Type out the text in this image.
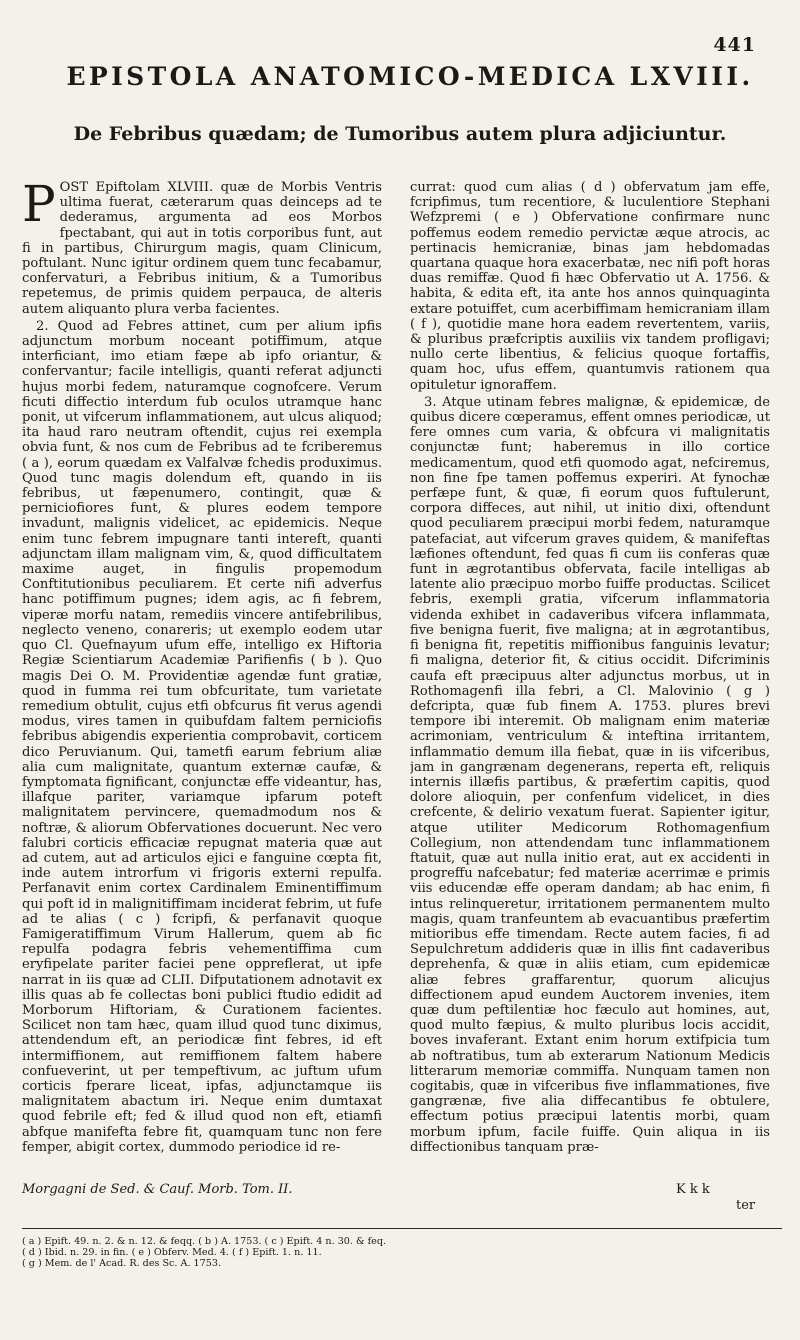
441
EPISTOLA ANATOMICO-MEDICA LXVIII.
De Febribus quædam; de Tumoribus autem plura adjiciuntur.

POST Epiftolam XLVIII. quæ de Morbis Ventris ultima fuerat, cæterarum quas deinceps ad te dederamus, argumenta ad eos Morbos fpectabant, qui aut in totis corporibus funt, aut fi in partibus, Chirurgum magis, quam Clinicum, poftulant. Nunc igitur ordinem quem tunc fecabamur, confervaturi, a Febribus initium, & a Tumoribus repetemus, de primis quidem perpauca, de alteris autem aliquanto plura verba facientes.

2. Quod ad Febres attinet, cum per alium ipfis adjunctum morbum noceant potiffimum, atque interficiant, imo etiam fæpe ab ipfo oriantur, & confervantur; facile intelligis, quanti referat adjuncti hujus morbi fedem, naturamque cognofcere. Verum ficuti diffectio interdum fub oculos utramque hanc ponit, ut vifcerum inflammationem, aut ulcus aliquod; ita haud raro neutram oftendit, cujus rei exempla obvia funt, & nos cum de Febribus ad te fcriberemus ( a ), eorum quædam ex Valfalvæ fchedis produximus. Quod tunc magis dolendum eft, quando in iis febribus, ut fæpenumero, contingit, quæ & perniciofiores funt, & plures eodem tempore invadunt, malignis videlicet, ac epidemicis. Neque enim tunc febrem impugnare tanti intereft, quanti adjunctam illam malignam vim, &, quod difficultatem maxime auget, in fingulis propemodum Conftitutionibus peculiarem. Et certe nifi adverfus hanc potiffimum pugnes; idem agis, ac fi febrem, viperæ morfu natam, remediis vincere antifebrilibus, neglecto veneno, conareris; ut exemplo eodem utar quo Cl. Quefnayum ufum effe, intelligo ex Hiftoria Regiæ Scientiarum Academiæ Parifienfis ( b ). Quo magis Dei O. M. Providentiæ agendæ funt gratiæ, quod in fumma rei tum obfcuritate, tum varietate remedium obtulit, cujus etfi obfcurus fit verus agendi modus, vires tamen in quibufdam faltem perniciofis febribus abigendis experientia comprobavit, corticem dico Peruvianum. Qui, tametfi earum febrium aliæ alia cum malignitate, quantum externæ caufæ, & fymptomata fignificant, conjunctæ effe videantur, has, illafque pariter, variamque ipfarum poteft malignitatem pervincere, quemadmodum nos & noftræ, & aliorum Obfervationes docuerunt. Nec vero falubri corticis efficaciæ repugnat materia quæ aut ad cutem, aut ad articulos ejici e fanguine cœpta fit, inde autem introrfum vi frigoris externi repulfa. Perfanavit enim cortex Cardinalem Eminentiffimum qui poft id in malignitiffimam inciderat febrim, ut fufe ad te alias ( c ) fcripfi, & perfanavit quoque Famigeratiffimum Virum Hallerum, quem ab fic repulfa podagra febris vehementiffima cum eryfipelate pariter faciei pene oppreflerat, ut ipfe narrat in iis quæ ad CLII. Difputationem adnotavit ex illis quas ab fe collectas boni publici ftudio edidit ad Morborum Hiftoriam, & Curationem facientes. Scilicet non tam hæc, quam illud quod tunc diximus, attendendum eft, an periodicæ fint febres, id eft intermiffionem, aut remiffionem faltem habere confueverint, ut per tempeftivum, ac juftum ufum corticis fperare liceat, ipfas, adjunctamque iis malignitatem abactum iri. Neque enim dumtaxat quod febrile eft; fed & illud quod non eft, etiamfi abfque manifefta febre fit, quamquam tunc non fere femper, abigit cortex, dummodo periodice id re-

currat: quod cum alias ( d ) obfervatum jam effe, fcripfimus, tum recentiore, & luculentiore Stephani Wefzpremi ( e ) Obfervatione confirmare nunc poffemus eodem remedio pervictæ æque atrocis, ac pertinacis hemicraniæ, binas jam hebdomadas quartana quaque hora exacerbatæ, nec nifi poft horas duas remiffæ. Quod fi hæc Obfervatio ut A. 1756. & habita, & edita eft, ita ante hos annos quinquaginta extare potuiffet, cum acerbiffimam hemicraniam illam ( f ), quotidie mane hora eadem revertentem, variis, & pluribus præfcriptis auxiliis vix tandem profligavi; nullo certe libentius, & felicius quoque fortaffis, quam hoc, ufus effem, quantumvis rationem qua opituletur ignoraffem.

3. Atque utinam febres malignæ, & epidemicæ, de quibus dicere cœperamus, effent omnes periodicæ, ut fere omnes cum varia, & obfcura vi malignitatis conjunctæ funt; haberemus in illo cortice medicamentum, quod etfi quomodo agat, nefciremus, non fine fpe tamen poffemus experiri. At fynochæ perfæpe funt, & quæ, fi eorum quos fuftulerunt, corpora diffeces, aut nihil, ut initio dixi, oftendunt quod peculiarem præcipui morbi fedem, naturamque patefaciat, aut vifcerum graves quidem, & manifeftas læfiones oftendunt, fed quas fi cum iis conferas quæ funt in ægrotantibus obfervata, facile intelligas ab latente alio præcipuo morbo fuiffe productas. Scilicet febris, exempli gratia, vifcerum inflammatoria videnda exhibet in cadaveribus vifcera inflammata, five benigna fuerit, five maligna; at in ægrotantibus, fi benigna fit, repetitis miffionibus fanguinis levatur; fi maligna, deterior fit, & citius occidit. Difcriminis caufa eft præcipuus alter adjunctus morbus, ut in Rothomagenfi illa febri, a Cl. Malovinio ( g ) defcripta, quæ fub finem A. 1753. plures brevi tempore ibi interemit. Ob malignam enim materiæ acrimoniam, ventriculum & inteftina irritantem, inflammatio demum illa fiebat, quæ in iis vifceribus, jam in gangrænam degenerans, reperta eft, reliquis internis illæfis partibus, & præfertim capitis, quod dolore alioquin, per confenfum videlicet, in dies crefcente, & delirio vexatum fuerat. Sapienter igitur, atque utiliter Medicorum Rothomagenfium Collegium, non attendendam tunc inflammationem ftatuit, quæ aut nulla initio erat, aut ex accidenti in progreffu nafcebatur; fed materiæ acerrimæ e primis viis educendæ effe operam dandam; ab hac enim, fi intus relinqueretur, irritationem permanentem multo magis, quam tranfeuntem ab evacuantibus præfertim mitioribus effe timendam. Recte autem facies, fi ad Sepulchretum addideris quæ in illis fint cadaveribus deprehenfa, & quæ in aliis etiam, cum epidemicæ aliæ febres graffarentur, quorum alicujus diffectionem apud eundem Auctorem invenies, item quæ dum peftilentiæ hoc fæculo aut homines, aut, quod multo fæpius, & multo pluribus locis accidit, boves invaferant. Extant enim horum extifpicia tum ab noftratibus, tum ab exterarum Nationum Medicis litterarum memoriæ commiffa. Nunquam tamen non cogitabis, quæ in vifceribus five inflammationes, five gangrænæ, five alia diffecantibus fe obtulere, effectum potius præcipui latentis morbi, quam morbum ipfum, facile fuiffe. Quin aliqua in iis diffectionibus tanquam præ-

Morgagni de Sed. & Cauf. Morb. Tom. II.	K k k
ter
( a ) Epift. 49. n. 2. & n. 12. & feqq. ( b ) A. 1753. ( c ) Epift. 4 n. 30. & feq.
( d ) Ibid. n. 29. in fin. ( e ) Obferv. Med. 4. ( f ) Epift. 1. n. 11.
( g ) Mem. de l' Acad. R. des Sc. A. 1753.
